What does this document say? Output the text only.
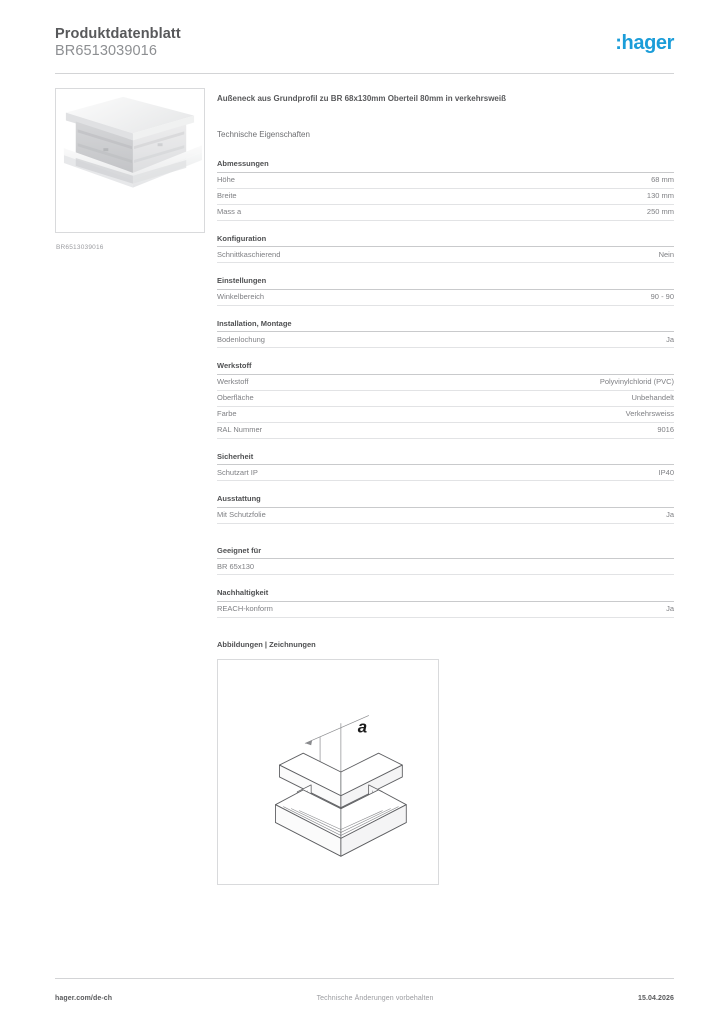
Produktdatenblatt
BR6513039016	:hager
BR6513039016
Außeneck aus Grundprofil zu BR 68x130mm Oberteil 80mm in verkehrsweiß
Technische Eigenschaften
Abmessungen
Höhe	68 mm
Breite	130 mm
Mass a	250 mm
Konfiguration
Schnittkaschierend	Nein
Einstellungen
Winkelbereich	90 - 90
Installation, Montage
Bodenlochung	Ja
Werkstoff
Werkstoff	Polyvinylchlorid (PVC)
Oberfläche	Unbehandelt
Farbe	Verkehrsweiss
RAL Nummer	9016
Sicherheit
Schutzart IP	IP40
Ausstattung
Mit Schutzfolie	Ja
Geeignet für
BR 65x130
Nachhaltigkeit
REACH-konform	Ja
Abbildungen | Zeichnungen
a
hager.com/de-ch	Technische Änderungen vorbehalten	15.04.2026
